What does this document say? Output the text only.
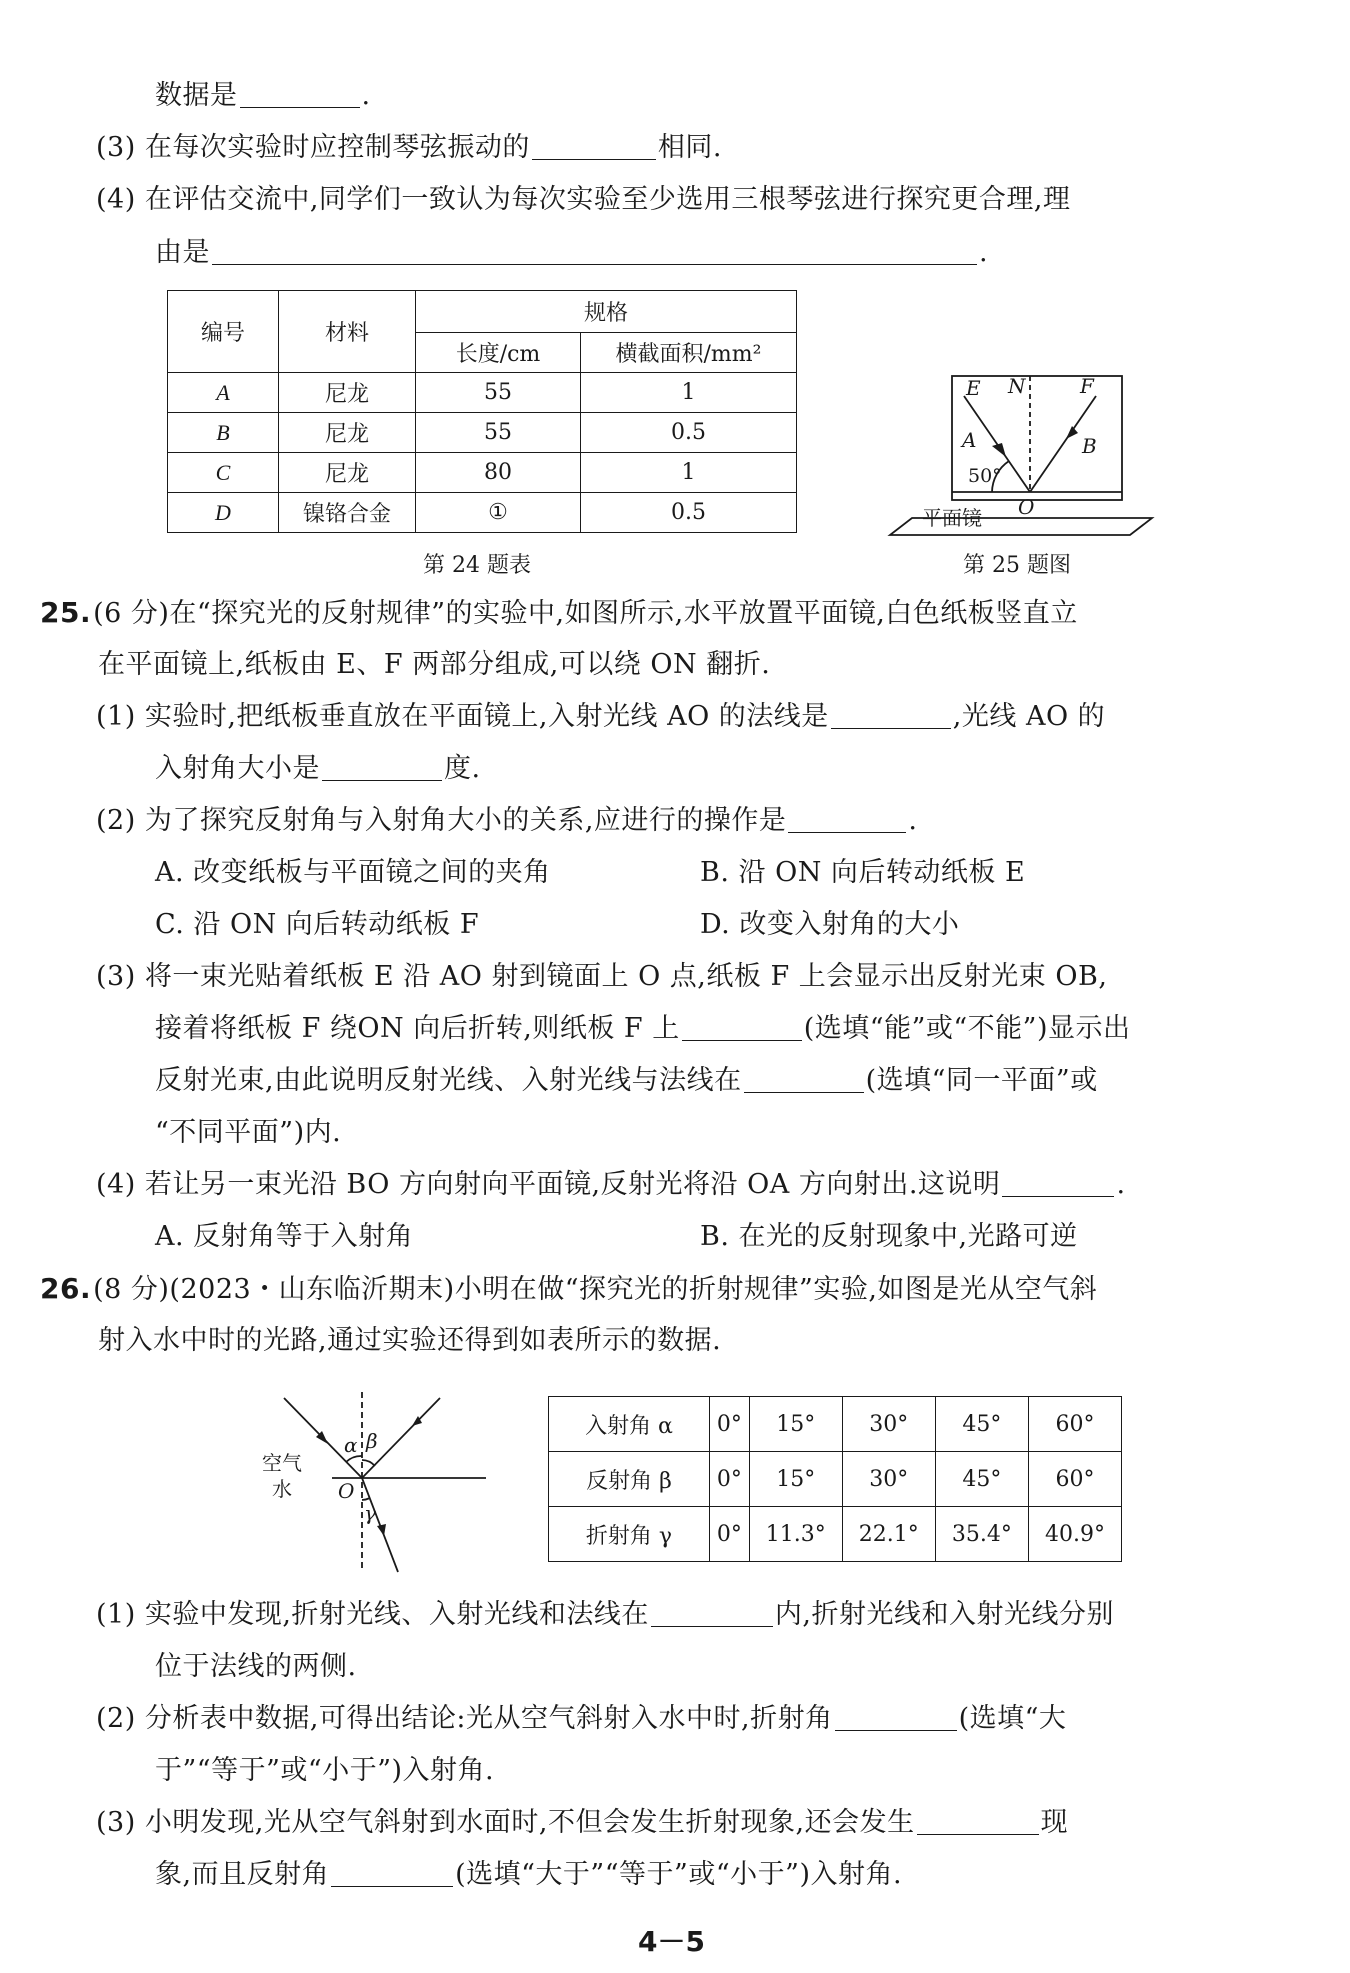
数据是	.
(3) 在每次实验时应控制琴弦振动的	相同.
(4) 在评估交流中,同学们一致认为每次实验至少选用三根琴弦进行探究更合理,理
由是	.
编号	材料	规格	
		长度/cm	横截面积/mm²
A	尼龙	55	1
B	尼龙	55	0.5
C	尼龙	80	1
D	镍铬合金	①	0.5
第 24 题表
E N	F
A	B
O
50°
平面镜
第 25 题图
25.(6 分)在“探究光的反射规律”的实验中,如图所示,水平放置平面镜,白色纸板竖直立
在平面镜上,纸板由 E、F 两部分组成,可以绕 ON 翻折.
(1) 实验时,把纸板垂直放在平面镜上,入射光线 AO 的法线是	,光线 AO 的
入射角大小是	度.
(2) 为了探究反射角与入射角大小的关系,应进行的操作是	.
A. 改变纸板与平面镜之间的夹角	B. 沿 ON 向后转动纸板 E
C. 沿 ON 向后转动纸板 F	D. 改变入射角的大小
(3) 将一束光贴着纸板 E 沿 AO 射到镜面上 O 点,纸板 F 上会显示出反射光束 OB,
接着将纸板 F 绕ON 向后折转,则纸板 F 上	(选填“能”或“不能”)显示出
反射光束,由此说明反射光线、入射光线与法线在	(选填“同一平面”或
“不同平面”)内.
(4) 若让另一束光沿 BO 方向射向平面镜,反射光将沿 OA 方向射出.这说明	.
A. 反射角等于入射角	B. 在光的反射现象中,光路可逆
26.(8 分)(2023・山东临沂期末)小明在做“探究光的折射规律”实验,如图是光从空气斜
射入水中时的光路,通过实验还得到如表所示的数据.
空气
水 O
α β
γ
入射角 α	0°	15°	30°	45°	60°
反射角 β	0°	15°	30°	45°	60°
折射角 γ	0°	11.3°	22.1°	35.4°	40.9°
(1) 实验中发现,折射光线、入射光线和法线在	内,折射光线和入射光线分别
位于法线的两侧.
(2) 分析表中数据,可得出结论:光从空气斜射入水中时,折射角	(选填“大
于”“等于”或“小于”)入射角.
(3) 小明发现,光从空气斜射到水面时,不但会发生折射现象,还会发生	现
象,而且反射角	(选填“大于”“等于”或“小于”)入射角.
4－5
